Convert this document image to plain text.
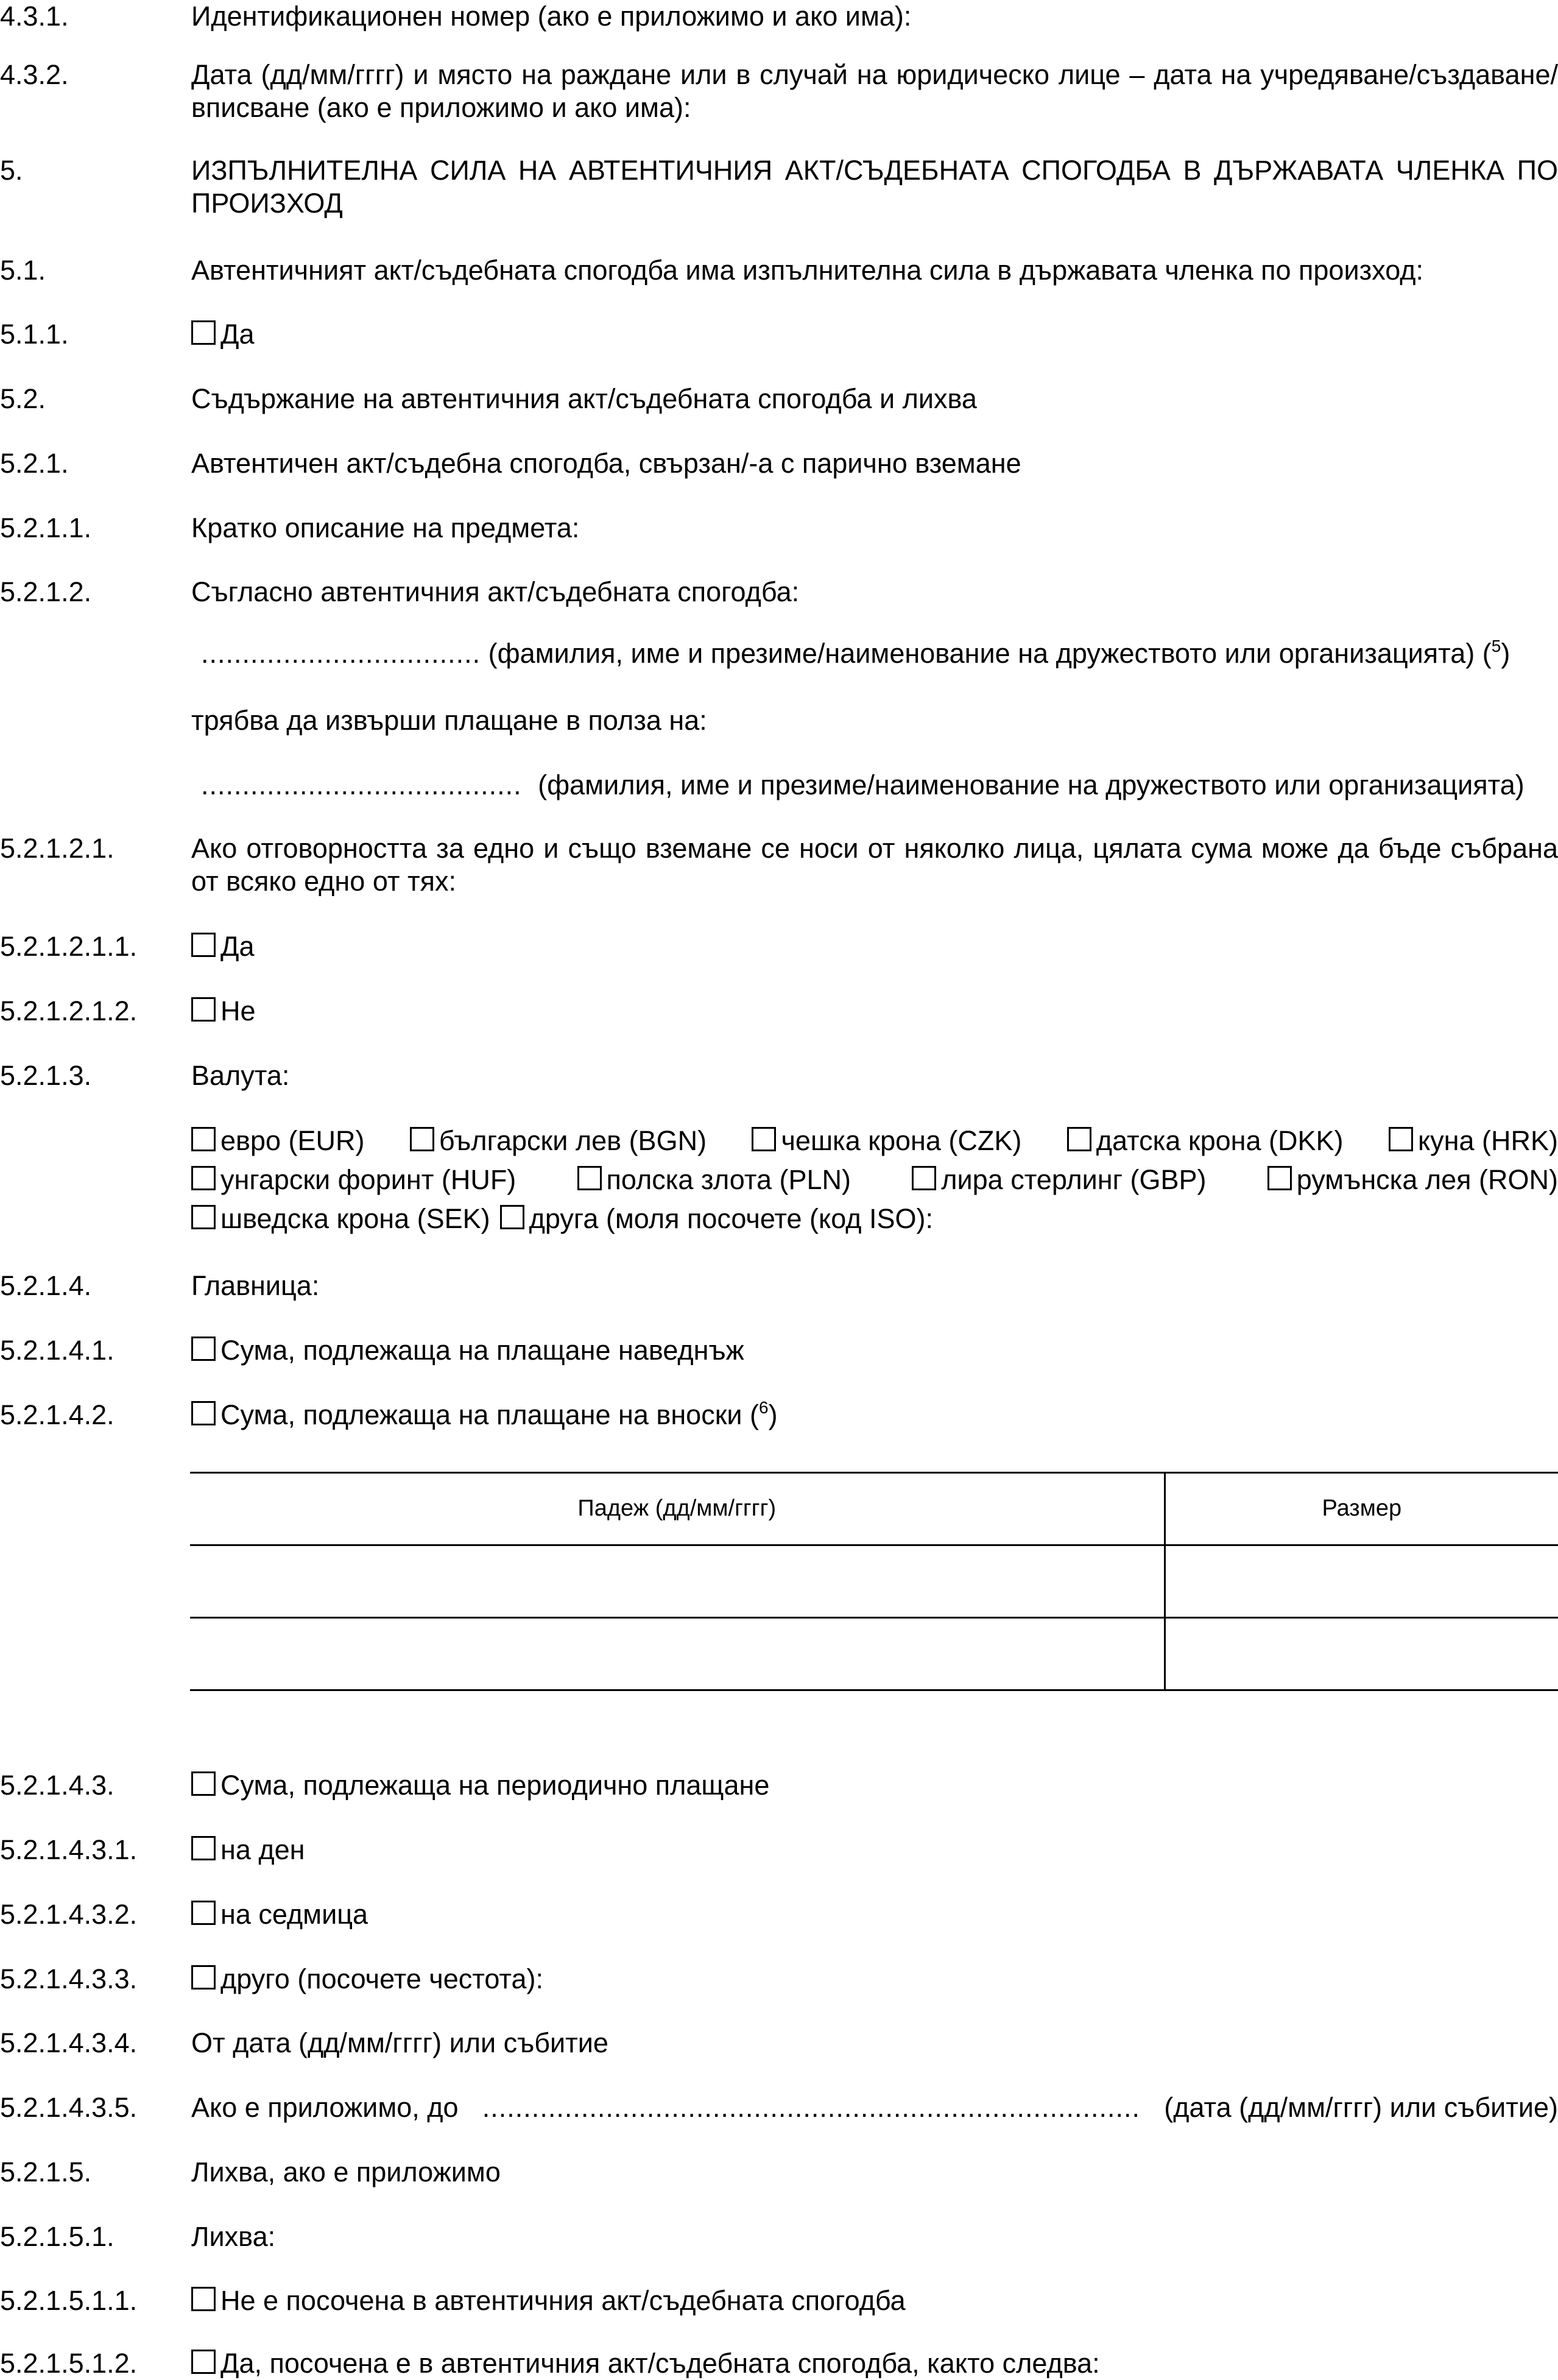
4.3.1.	Идентификационен номер (ако е приложимо и ако има):
4.3.2.	Дата (дд/мм/гггг) и място на раждане или в случай на юридическо лице – дата на учредяване/създаване/вписване (ако е приложимо и ако има):
5.	ИЗПЪЛНИТЕЛНА СИЛА НА АВТЕНТИЧНИЯ АКТ/СЪДЕБНАТА СПОГОДБА В ДЪРЖАВАТА ЧЛЕНКА ПО ПРОИЗХОД
5.1.	Автентичният акт/съдебната спогодба има изпълнителна сила в държавата членка по произход:
5.1.1.	Да
5.2.	Съдържание на автентичния акт/съдебната спогодба и лихва
5.2.1.	Автентичен акт/съдебна спогодба, свързан/-а с парично вземане
5.2.1.1.	Кратко описание на предмета:
5.2.1.2.	Съгласно автентичния акт/съдебната спогодба:
.................................. (фамилия, име и презиме/наименование на дружеството или организацията) ($^5$)
трябва да извърши плащане в полза на:
....................................... (фамилия, име и презиме/наименование на дружеството или организацията)
5.2.1.2.1.	Ако отговорността за едно и също вземане се носи от няколко лица, цялата сума може да бъде събрана от всяко едно от тях:
5.2.1.2.1.1.	Да
5.2.1.2.1.2.	Не
5.2.1.3.	Валута:
евро (EUR)	български лев (BGN)	чешка крона (CZK)	датска крона (DKK)	куна (HRK)
унгарски форинт (HUF)	полска злота (PLN)	лира стерлинг (GBP)	румънска лея (RON)
шведска крона (SEK)	друга (моля посочете (код ISO):
5.2.1.4.	Главница:
5.2.1.4.1.	Сума, подлежаща на плащане наведнъж
5.2.1.4.2.	Сума, подлежаща на плащане на вноски ($^6$)
Падеж (дд/мм/гггг)	Размер

5.2.1.4.3.	Сума, подлежаща на периодично плащане
5.2.1.4.3.1.	на ден
5.2.1.4.3.2.	на седмица
5.2.1.4.3.3.	друго (посочете честота):
5.2.1.4.3.4. От дата (дд/мм/гггг) или събитие
5.2.1.4.3.5. Ако е приложимо, до ................................................................................ (дата (дд/мм/гггг) или събитие)
5.2.1.5.	Лихва, ако е приложимо
5.2.1.5.1.	Лихва:
5.2.1.5.1.1.	Не е посочена в автентичния акт/съдебната спогодба
5.2.1.5.1.2.	Да, посочена е в автентичния акт/съдебната спогодба, както следва:
